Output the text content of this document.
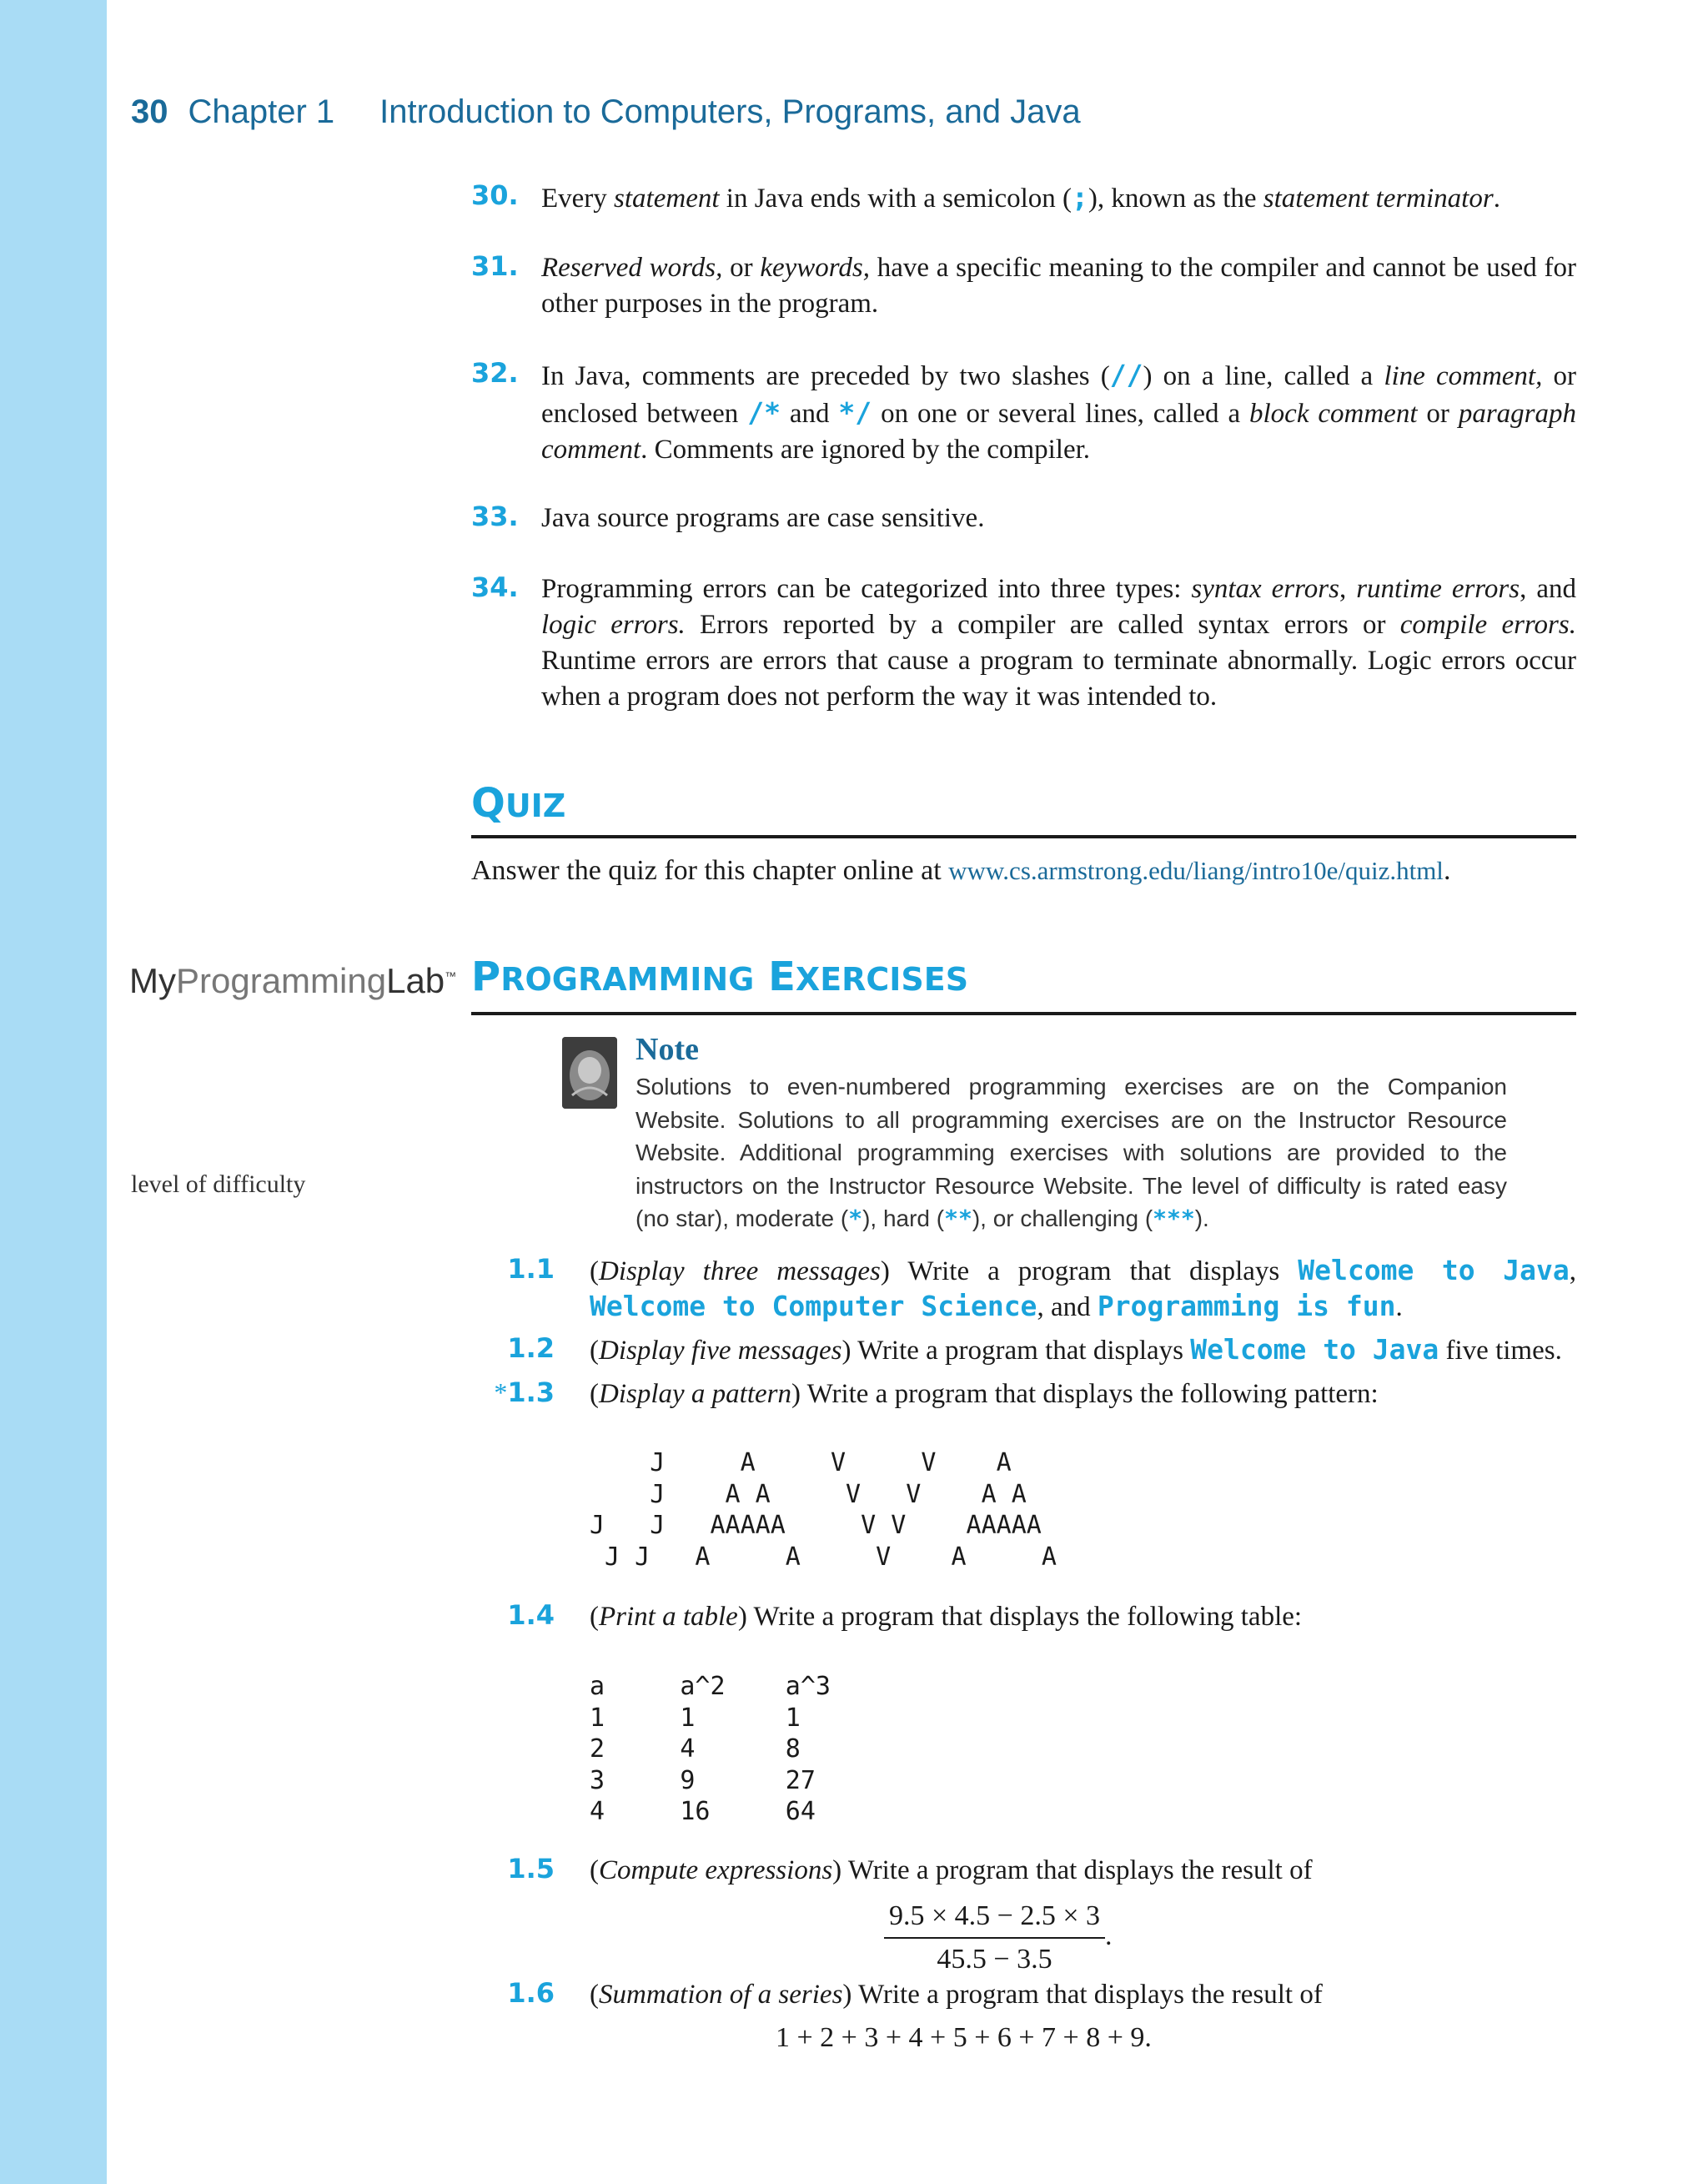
30 Chapter 1 Introduction to Computers, Programs, and Java
30. Every statement in Java ends with a semicolon (;), known as the statement terminator.
31. Reserved words, or keywords, have a specific meaning to the compiler and cannot be used for other purposes in the program.
32. In Java, comments are preceded by two slashes (//) on a line, called a line comment, or enclosed between /* and */ on one or several lines, called a block comment or paragraph comment. Comments are ignored by the compiler.
33. Java source programs are case sensitive.
34. Programming errors can be categorized into three types: syntax errors, runtime errors, and logic errors. Errors reported by a compiler are called syntax errors or compile errors. Runtime errors are errors that cause a program to terminate abnormally. Logic errors occur when a program does not perform the way it was intended to.
QUIZ
Answer the quiz for this chapter online at www.cs.armstrong.edu/liang/intro10e/quiz.html.
MyProgrammingLab™ PROGRAMMING EXERCISES
Note
Solutions to even-numbered programming exercises are on the Companion Website. Solutions to all programming exercises are on the Instructor Resource Website. Additional programming exercises with solutions are provided to the instructors on the Instructor Resource Website. The level of difficulty is rated easy (no star), moderate (*), hard (**), or challenging (***).
level of difficulty
1.1 (Display three messages) Write a program that displays Welcome to Java, Welcome to Computer Science, and Programming is fun.
1.2 (Display five messages) Write a program that displays Welcome to Java five times.
*1.3 (Display a pattern) Write a program that displays the following pattern:
J     A     V     V    A
J    A A     V   V    A A
J   J   AAAAA     V V    AAAAA
J J   A     A     V    A     A
1.4 (Print a table) Write a program that displays the following table:
a     a^2    a^3
1     1      1
2     4      8
3     9      27
4     16     64
1.5 (Compute expressions) Write a program that displays the result of
$\frac{9.5 \times 4.5 - 2.5 \times 3}{45.5 - 3.5}$ .
1.6 (Summation of a series) Write a program that displays the result of
1 + 2 + 3 + 4 + 5 + 6 + 7 + 8 + 9.
